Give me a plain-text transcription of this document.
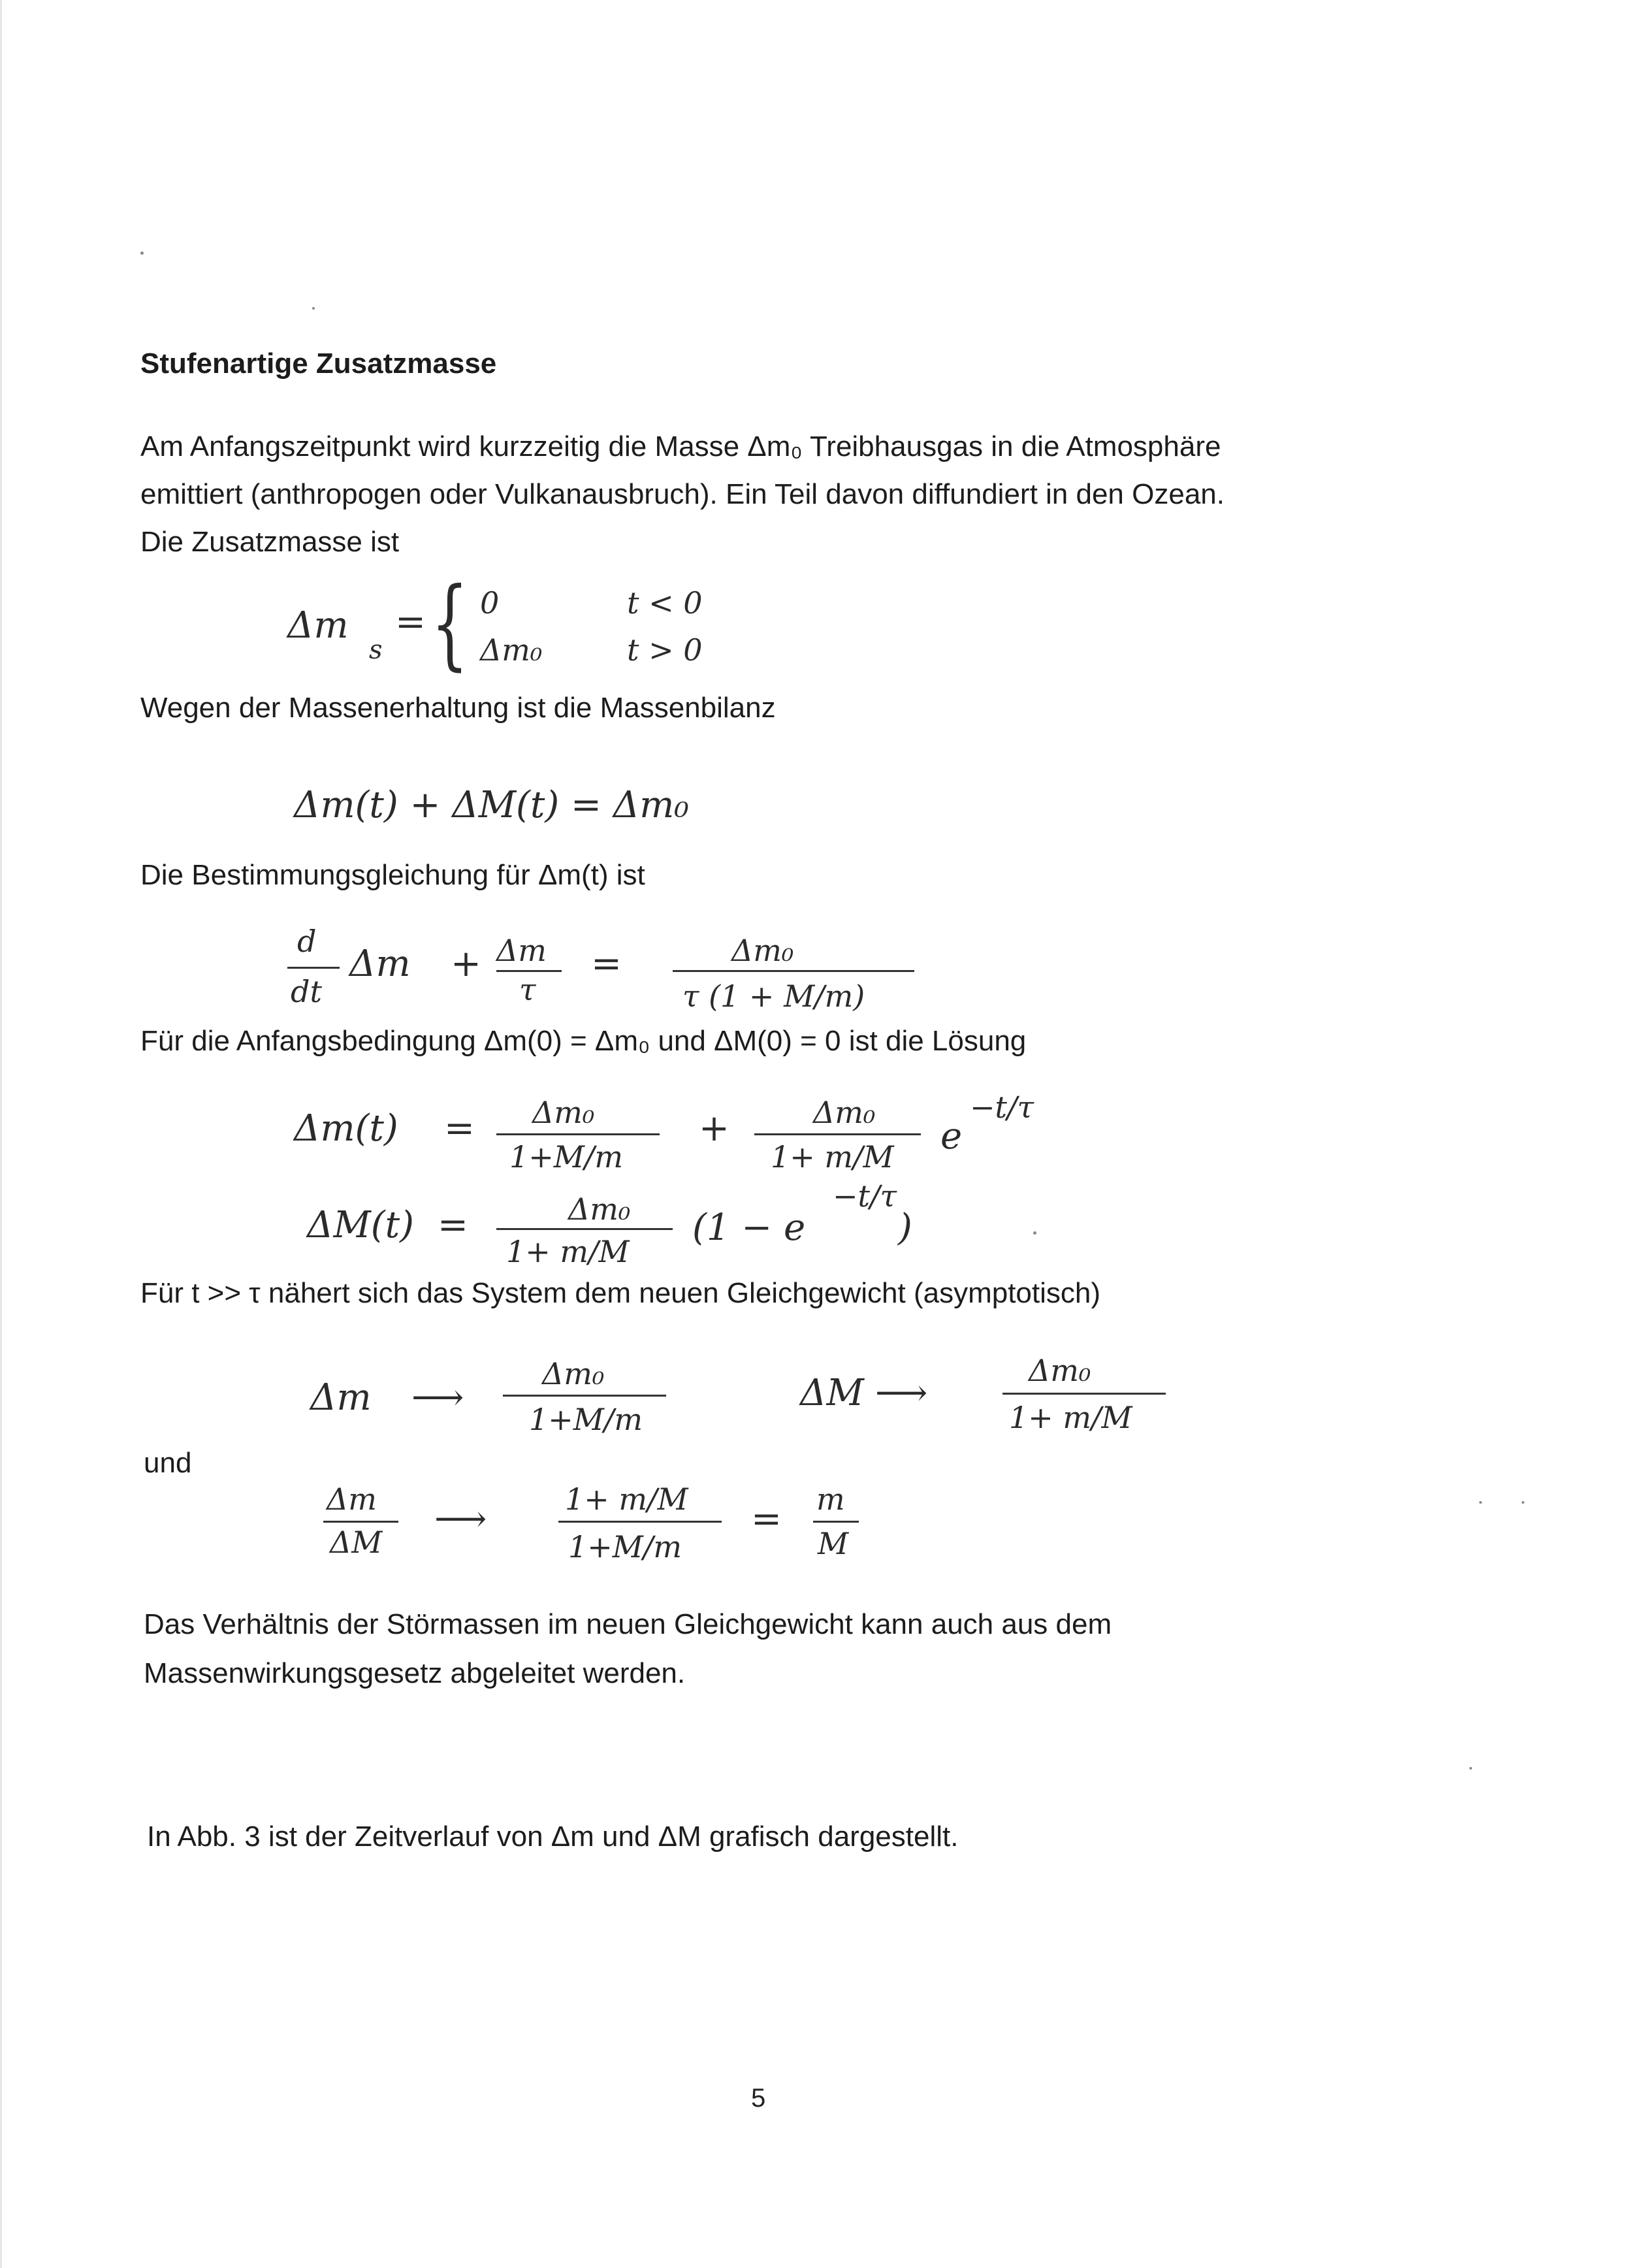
Stufenartige Zusatzmasse
Am Anfangszeitpunkt wird kurzzeitig die Masse Δm₀ Treibhausgas in die Atmosphäre
emittiert (anthropogen oder Vulkanausbruch). Ein Teil davon diffundiert in den Ozean.
Die Zusatzmasse ist
Δm
s
= { 0	t < 0
Δm₀	t > 0
Wegen der Massenerhaltung ist die Massenbilanz
Δm(t) + ΔM(t) = Δm₀
Die Bestimmungsgleichung für Δm(t) ist
d
dt
Δm + Δm
τ
=	Δm₀
τ (1 + M/m)
Für die Anfangsbedingung Δm(0) = Δm₀ und ΔM(0) = 0 ist die Lösung
Δm(t) = Δm₀
1+M/m
+	Δm₀
1+ m/M e
−t/τ
ΔM(t) =	Δm₀
1+ m/M
(1 − e
−t/τ
)
Für t >> τ nähert sich das System dem neuen Gleichgewicht (asymptotisch)
Δm ⟶
Δm₀
1+M/m
ΔM ⟶
Δm₀
1+ m/M
und
Δm
ΔM
⟶	1+ m/M
1+M/m
= m
M
Das Verhältnis der Störmassen im neuen Gleichgewicht kann auch aus dem
Massenwirkungsgesetz abgeleitet werden.
In Abb. 3 ist der Zeitverlauf von Δm und ΔM grafisch dargestellt.
5
